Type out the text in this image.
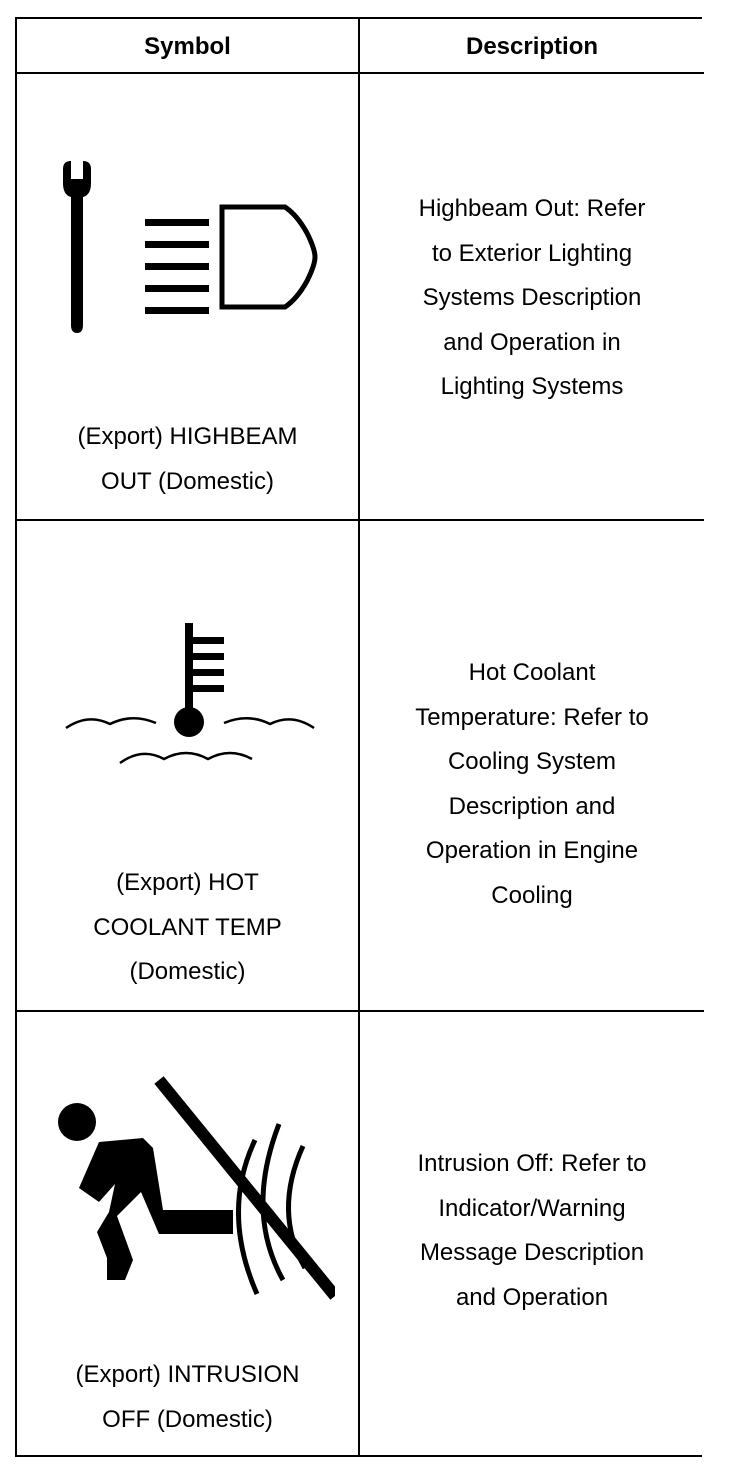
Symbol	Description
(Export) HIGHBEAM
OUT (Domestic)
Highbeam Out: Refer
to Exterior Lighting
Systems Description
and Operation in
Lighting Systems
(Export) HOT
COOLANT TEMP
(Domestic)
Hot Coolant
Temperature: Refer to
Cooling System
Description and
Operation in Engine
Cooling
(Export) INTRUSION
OFF (Domestic)
Intrusion Off: Refer to
Indicator/Warning
Message Description
and Operation
